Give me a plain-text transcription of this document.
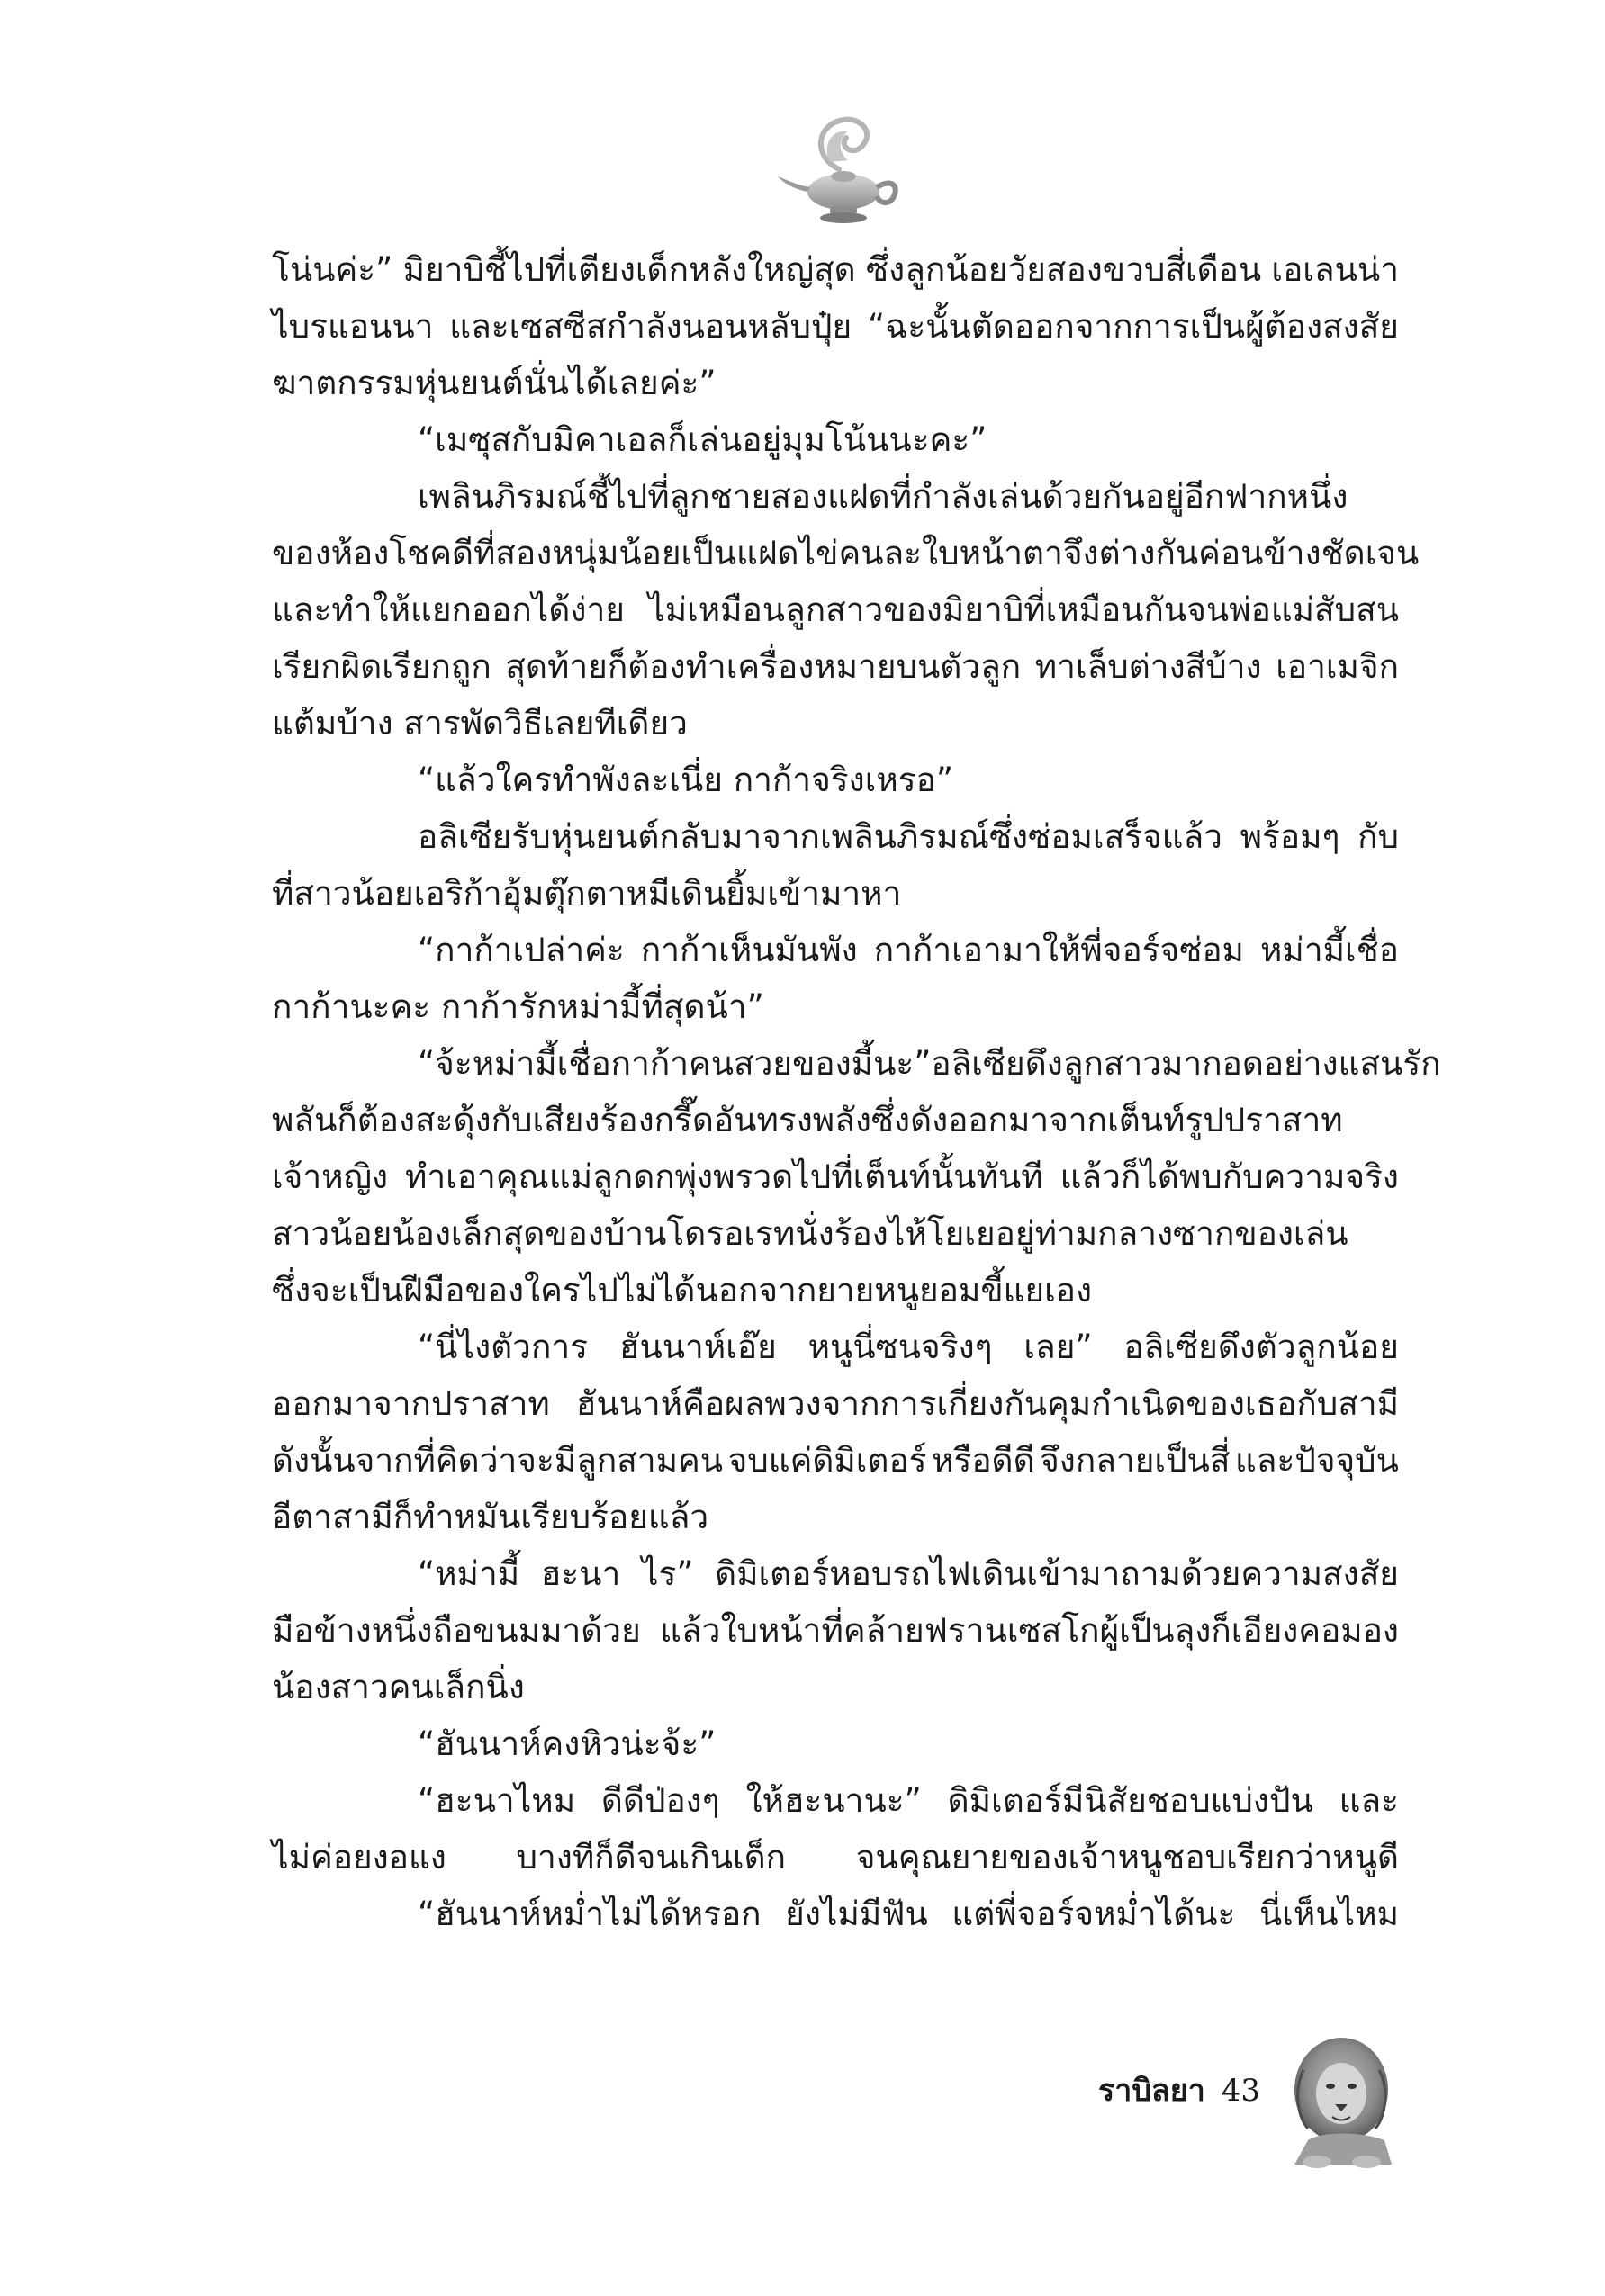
โน่นค่ะ” มิยาบิชี้ไปที่เตียงเด็กหลังใหญ่สุด ซึ่งลูกน้อยวัยสองขวบสี่เดือน เอเลนน่า
ไบรแอนนา และเซสซีสกำลังนอนหลับปุ๋ย “ฉะนั้นตัดออกจากการเป็นผู้ต้องสงสัย
ฆาตกรรมหุ่นยนต์นั่นได้เลยค่ะ”
“เมซุสกับมิคาเอลก็เล่นอยู่มุมโน้นนะคะ”
เพลินภิรมณ์ชี้ไปที่ลูกชายสองแฝดที่กำลังเล่นด้วยกันอยู่อีกฟากหนึ่ง
ของห้อง โชคดีที่สองหนุ่มน้อยเป็นแฝดไข่คนละใบ หน้าตาจึงต่างกันค่อนข้างชัดเจน
และทำให้แยกออกได้ง่าย ไม่เหมือนลูกสาวของมิยาบิที่เหมือนกันจนพ่อแม่สับสน
เรียกผิดเรียกถูก สุดท้ายก็ต้องทำเครื่องหมายบนตัวลูก ทาเล็บต่างสีบ้าง เอาเมจิก
แต้มบ้าง
สารพัดวิธีเลยทีเดียว
“แล้วใครทำพังละเนี่ย
กาก้าจริงเหรอ”
อลิเซียรับหุ่นยนต์กลับมาจากเพลินภิรมณ์ซึ่งซ่อมเสร็จแล้ว พร้อมๆ กับ
ที่สาวน้อยเอริก้าอุ้มตุ๊กตาหมีเดินยิ้มเข้ามาหา
“กาก้าเปล่าค่ะ กาก้าเห็นมันพัง กาก้าเอามาให้พี่จอร์จซ่อม หม่ามี้เชื่อ
กาก้านะคะ
กาก้ารักหม่ามี้ที่สุดน้า”
“จ้ะ หม่ามี้เชื่อกาก้าคนสวยของมี้นะ” อลิเซียดึงลูกสาวมากอดอย่างแสนรัก
พลันก็ต้องสะดุ้งกับเสียงร้องกรี๊ดอันทรงพลังซึ่งดังออกมาจากเต็นท์รูปปราสาท
เจ้าหญิง ทำเอาคุณแม่ลูกดกพุ่งพรวดไปที่เต็นท์นั้นทันที แล้วก็ได้พบกับความจริง
สาวน้อยน้องเล็กสุดของบ้านโดรอเรทนั่งร้องไห้โยเยอยู่ท่ามกลางซากของเล่น
ซึ่งจะเป็นฝีมือของใครไปไม่ได้นอกจากยายหนูยอมขี้แยเอง
“นี่ไงตัวการ ฮันนาห์เอ๊ย หนูนี่ซนจริงๆ เลย” อลิเซียดึงตัวลูกน้อย
ออกมาจากปราสาท ฮันนาห์คือผลพวงจากการเกี่ยงกันคุมกำเนิดของเธอกับสามี
ดังนั้นจากที่คิดว่าจะมีลูกสามคน จบแค่ดิมิเตอร์ หรือดีดี จึงกลายเป็นสี่ และปัจจุบัน
อีตาสามีก็ทำหมันเรียบร้อยแล้ว
“หม่ามี้ ฮะนา ไร” ดิมิเตอร์หอบรถไฟเดินเข้ามาถามด้วยความสงสัย
มือข้างหนึ่งถือขนมมาด้วย แล้วใบหน้าที่คล้ายฟรานเซสโกผู้เป็นลุงก็เอียงคอมอง
น้องสาวคนเล็กนิ่ง
“ฮันนาห์คงหิวน่ะจ้ะ”
“ฮะนาไหม ดีดีป่องๆ ให้ฮะนานะ” ดิมิเตอร์มีนิสัยชอบแบ่งปัน และ
ไม่ค่อยงอแง บางทีก็ดีจนเกินเด็ก จนคุณยายของเจ้าหนูชอบเรียกว่าหนูดี
“ฮันนาห์หม่ำไม่ได้หรอก ยังไม่มีฟัน แต่พี่จอร์จหม่ำได้นะ นี่เห็นไหม
ราบิลยา 43
